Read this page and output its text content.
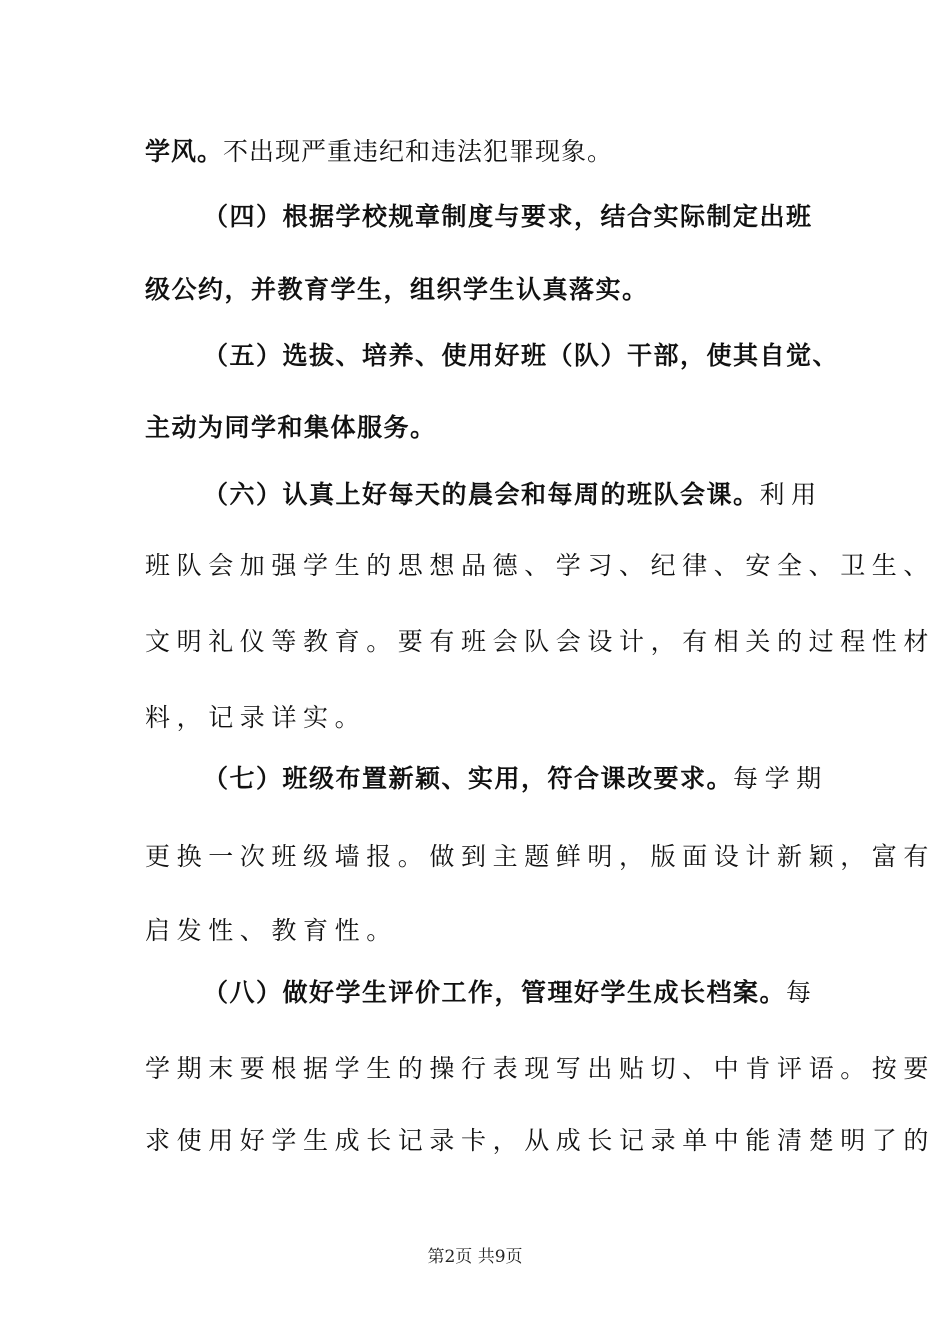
学风。不出现严重违纪和违法犯罪现象。
（四）根据学校规章制度与要求，结合实际制定出班
级公约，并教育学生，组织学生认真落实。
（五）选拔、培养、使用好班（队）干部，使其自觉、
主动为同学和集体服务。
（六）认真上好每天的晨会和每周的班队会课。利用
班队会加强学生的思想品德、学习、纪律、安全、卫生、
文明礼仪等教育。要有班会队会设计，有相关的过程性材
料，记录详实。
（七）班级布置新颖、实用，符合课改要求。每学期
更换一次班级墙报。做到主题鲜明，版面设计新颖，富有
启发性、教育性。
（八）做好学生评价工作，管理好学生成长档案。每
学期末要根据学生的操行表现写出贴切、中肯评语。按要
求使用好学生成长记录卡，从成长记录单中能清楚明了的
第2页 共9页
